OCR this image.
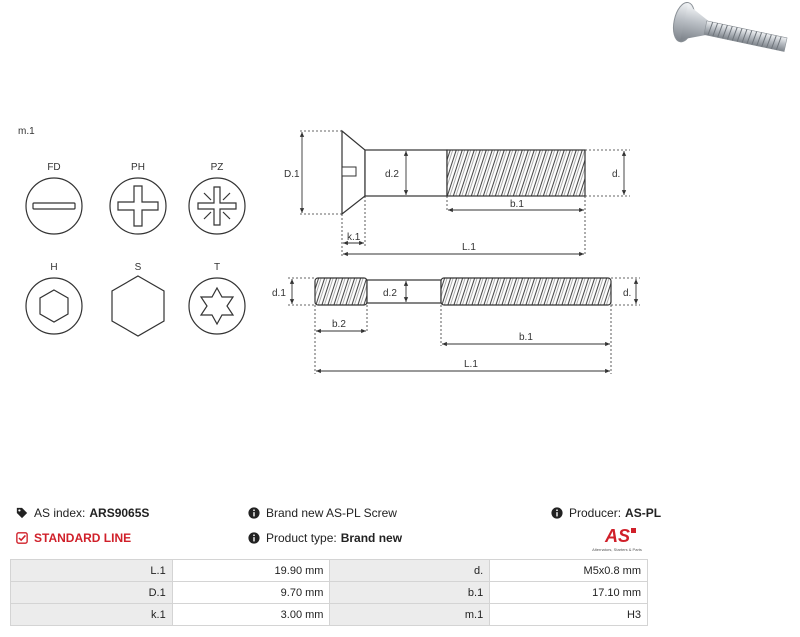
m.1
FD	PH	PZ
H	S	T
D.1	d.2	d.
b.1
k.1
L.1
d.1	d.2	d.
b.2
b.1
L.1
AS index: ARS9065S
STANDARD LINE
Brand new AS-PL Screw
Product type: Brand new
Producer: AS-PL
AS
Alternators, Starters & Parts
L.1	19.90 mm	d.	M5x0.8 mm
D.1	9.70 mm	b.1	17.10 mm
k.1	3.00 mm	m.1	H3
